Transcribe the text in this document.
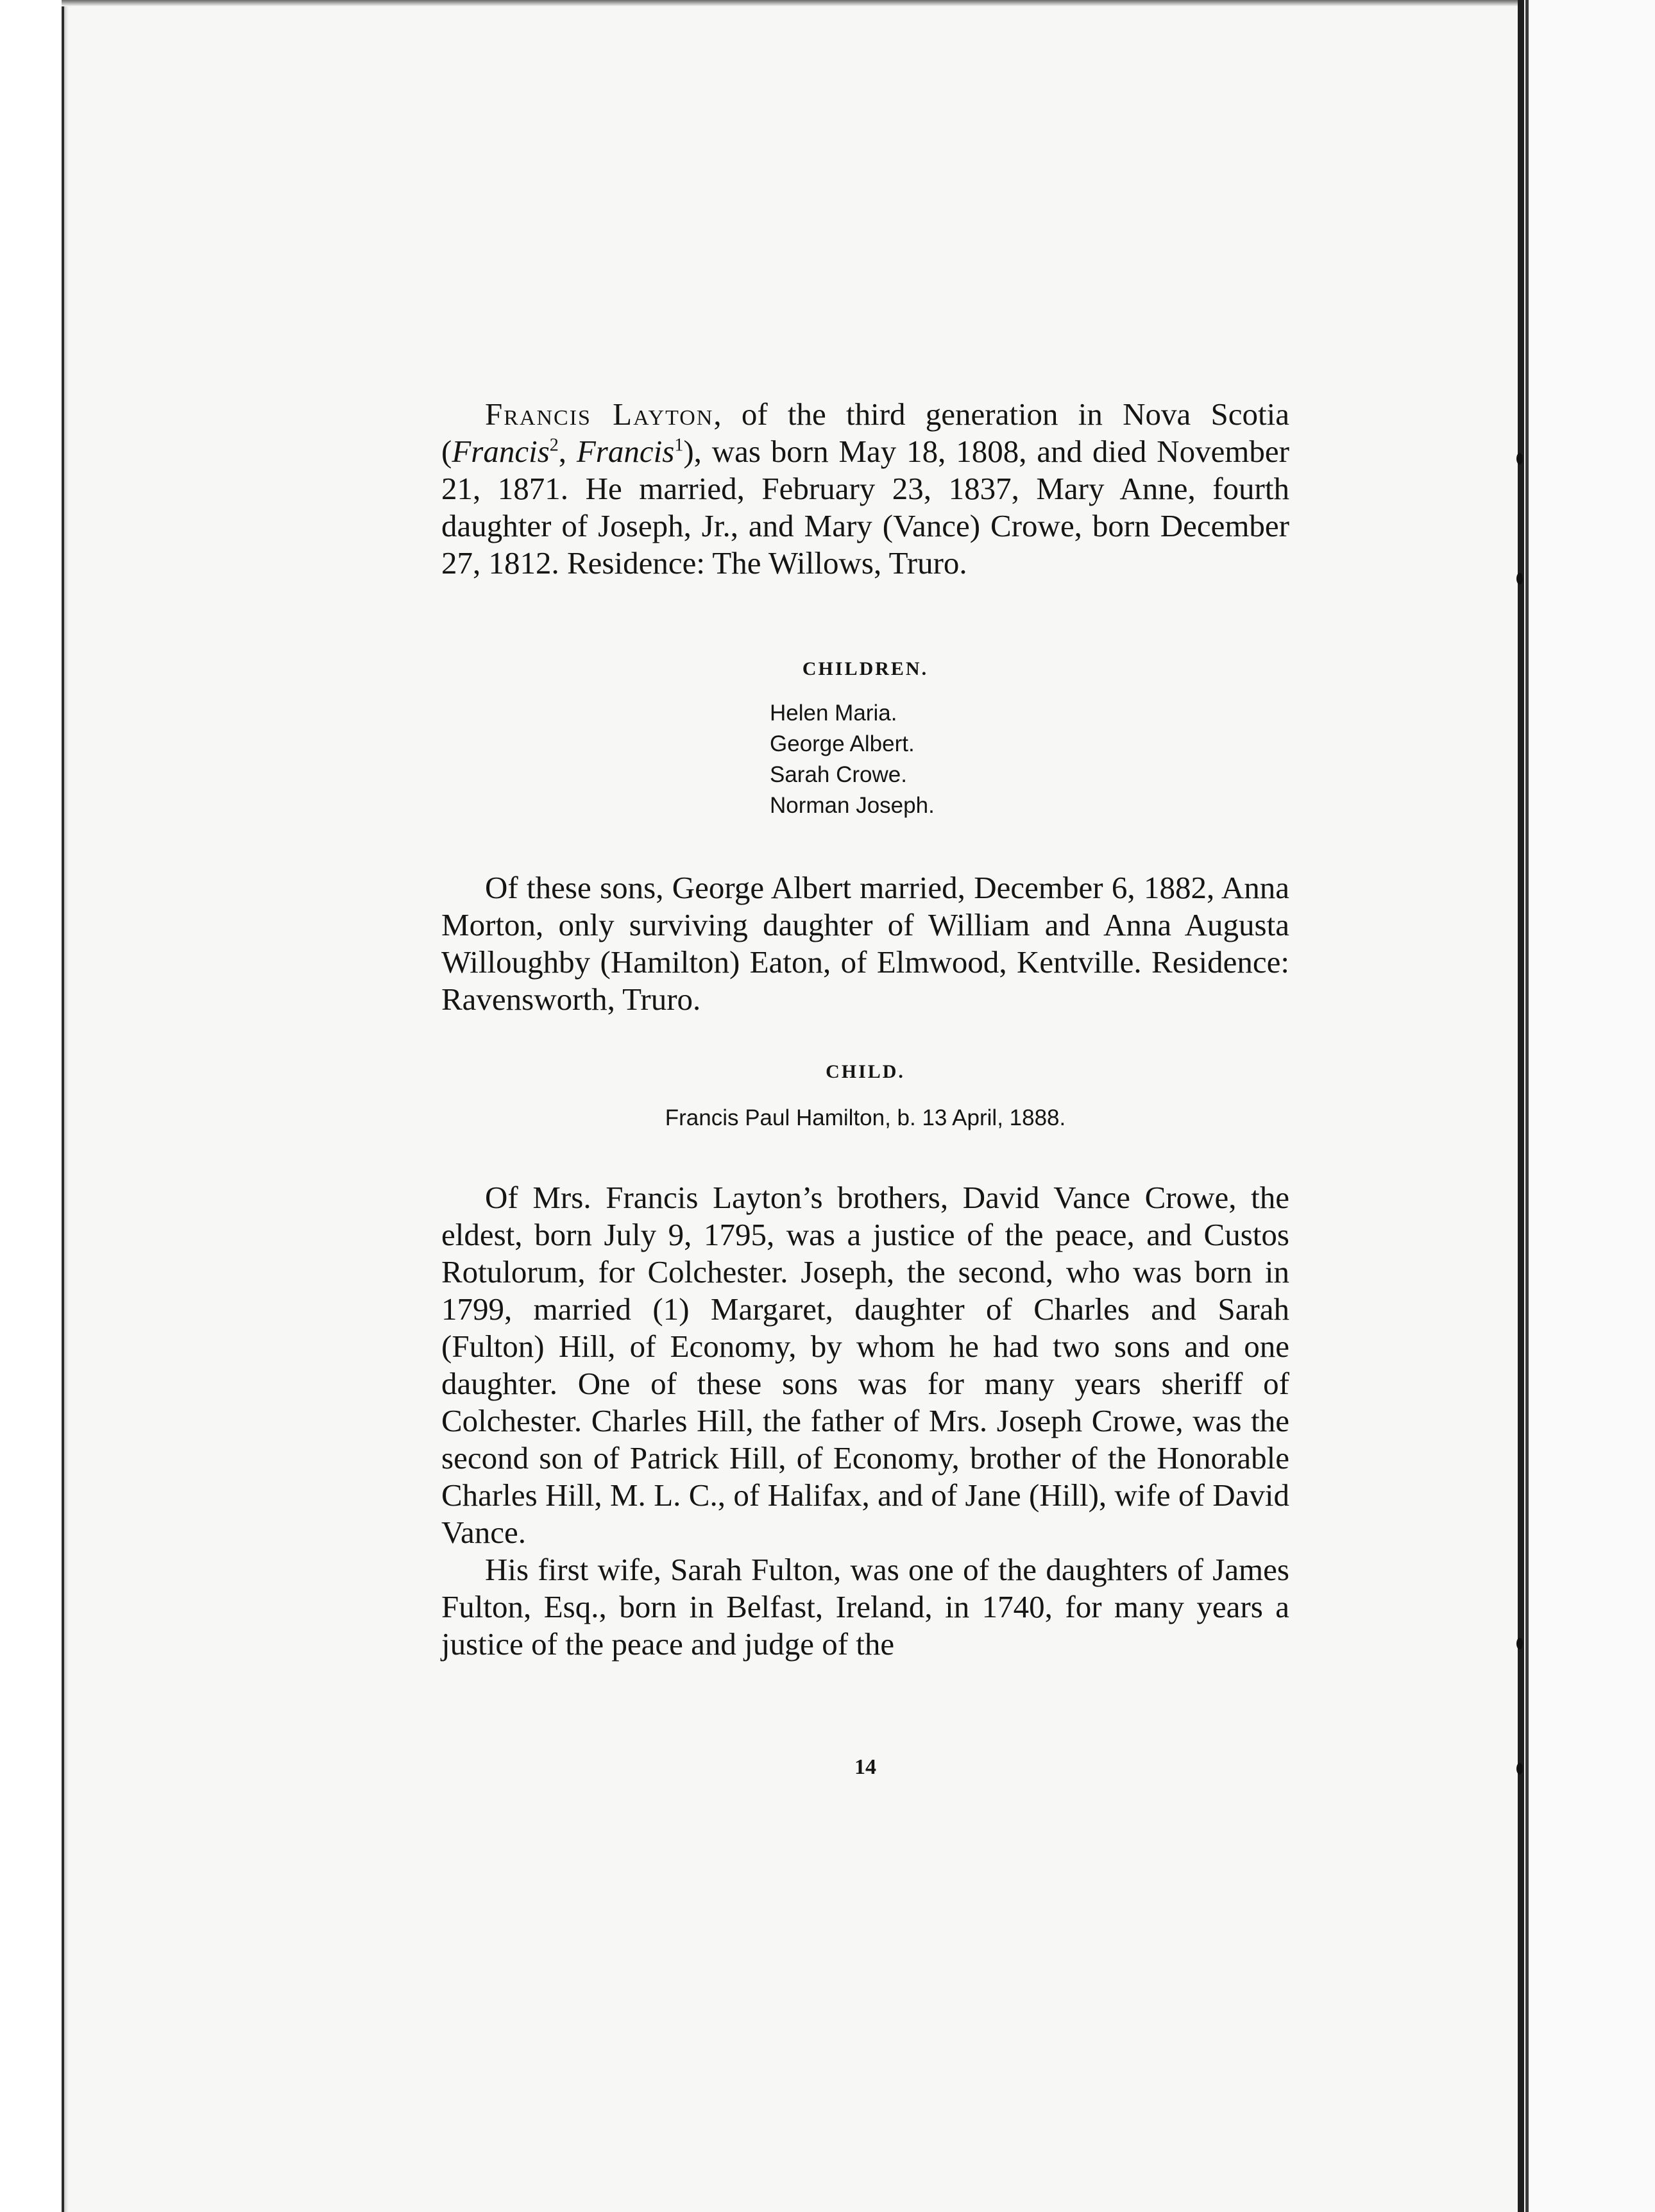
Francis Layton, of the third generation in Nova Scotia (Francis$^2$, Francis$^1$), was born May 18, 1808, and died November 21, 1871. He married, February 23, 1837, Mary Anne, fourth daughter of Joseph, Jr., and Mary (Vance) Crowe, born December 27, 1812. Residence: The Willows, Truro.

CHILDREN.
Helen Maria.
George Albert.
Sarah Crowe.
Norman Joseph.

Of these sons, George Albert married, December 6, 1882, Anna Morton, only surviving daughter of William and Anna Augusta Willoughby (Hamilton) Eaton, of Elmwood, Kentville. Residence: Ravensworth, Truro.

CHILD.
Francis Paul Hamilton, b. 13 April, 1888.

Of Mrs. Francis Layton’s brothers, David Vance Crowe, the eldest, born July 9, 1795, was a justice of the peace, and Custos Rotulorum, for Colchester. Joseph, the second, who was born in 1799, married (1) Margaret, daughter of Charles and Sarah (Fulton) Hill, of Economy, by whom he had two sons and one daughter. One of these sons was for many years sheriff of Colchester. Charles Hill, the father of Mrs. Joseph Crowe, was the second son of Patrick Hill, of Economy, brother of the Honorable Charles Hill, M. L. C., of Halifax, and of Jane (Hill), wife of David Vance.

His first wife, Sarah Fulton, was one of the daughters of James Fulton, Esq., born in Belfast, Ireland, in 1740, for many years a justice of the peace and judge of the

14
